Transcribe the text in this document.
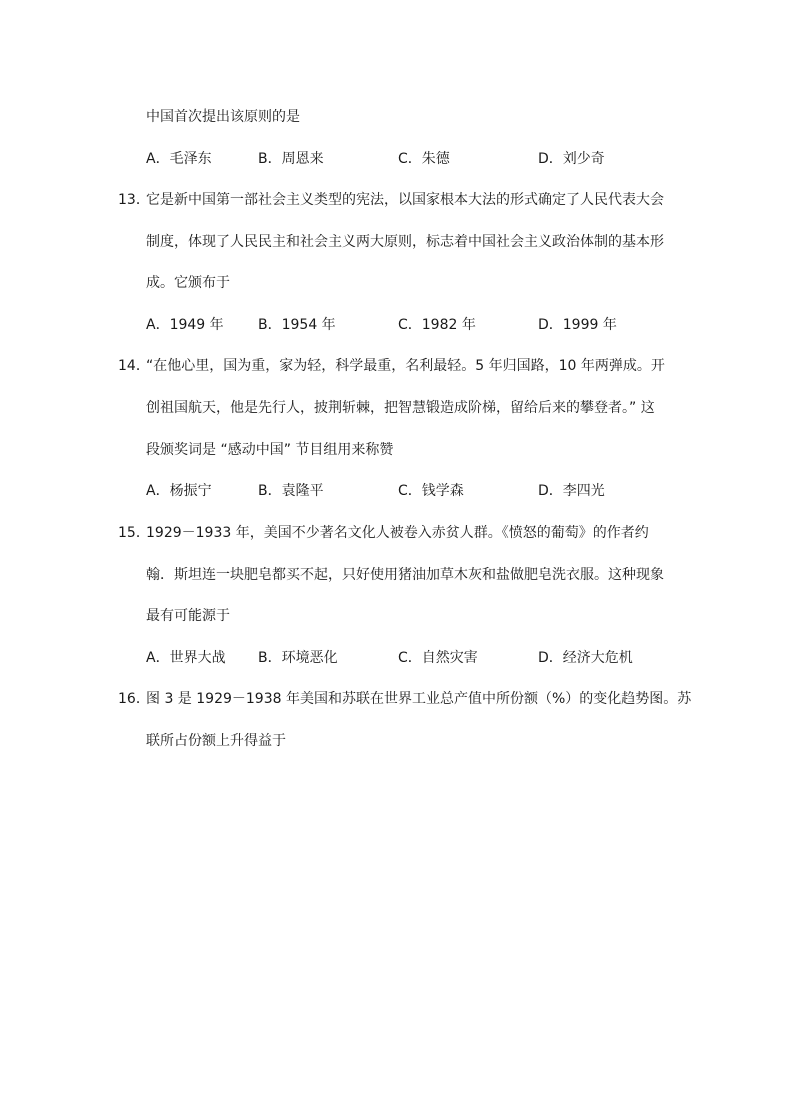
中国首次提出该原则的是
A．毛泽东	B．周恩来	C．朱德	D．刘少奇
13．
它是新中国第一部社会主义类型的宪法，以国家根本大法的形式确定了人民代表大会
制度，体现了人民民主和社会主义两大原则，标志着中国社会主义政治体制的基本形
成。它颁布于
A．1949 年 B．1954 年	C．1982 年	D．1999 年
14．
“在他心里，国为重，家为轻，科学最重，名利最轻。5 年归国路，10 年两弹成。开
创祖国航天，他是先行人，披荆斩棘，把智慧锻造成阶梯，留给后来的攀登者。” 这
段颁奖词是 “感动中国” 节目组用来称赞
A．杨振宁	B．袁隆平	C．钱学森	D．李四光
15．
1929－1933 年，美国不少著名文化人被卷入赤贫人群。《愤怒的葡萄》的作者约
翰．斯坦连一块肥皂都买不起，只好使用猪油加草木灰和盐做肥皂洗衣服。这种现象
最有可能源于
A．世界大战 B．环境恶化	C．自然灾害	D．经济大危机
16．
图 3 是 1929－1938 年美国和苏联在世界工业总产值中所份额（%）的变化趋势图。苏
联所占份额上升得益于
